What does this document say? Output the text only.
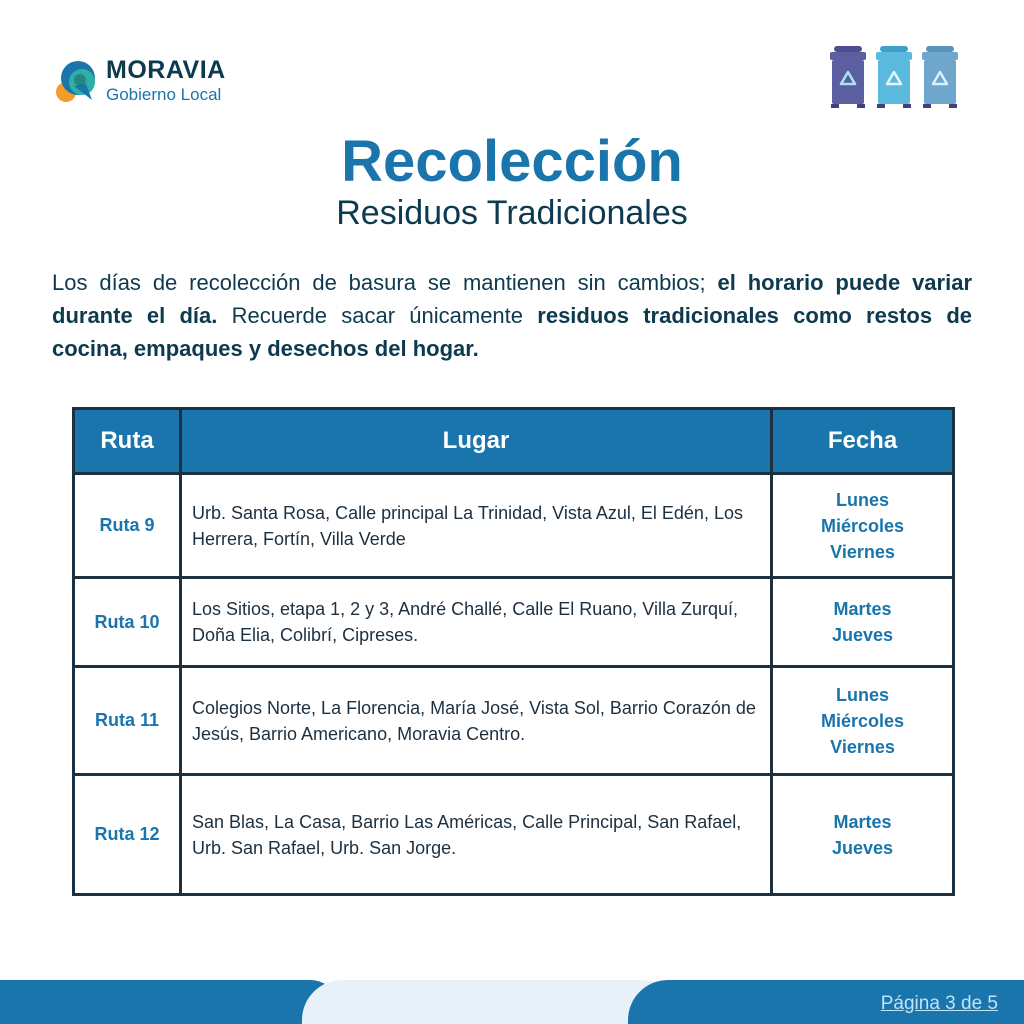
MORAVIA
Gobierno Local
Recolección
Residuos Tradicionales

Los días de recolección de basura se mantienen sin cambios; el horario puede variar durante el día. Recuerde sacar únicamente residuos tradicionales como restos de cocina, empaques y desechos del hogar.

Ruta	Lugar	Fecha
Ruta 9	Urb. Santa Rosa, Calle principal La Trinidad, Vista Azul, El Edén, Los Herrera, Fortín, Villa Verde	Lunes
Miércoles
Viernes

Ruta 10	Los Sitios, etapa 1, 2 y 3, André Challé, Calle El Ruano, Villa Zurquí, Doña Elia, Colibrí, Cipreses.	Martes
Jueves

Ruta 11	Colegios Norte, La Florencia, María José, Vista Sol, Barrio Corazón de Jesús, Barrio Americano, Moravia Centro.	Lunes
Miércoles
Viernes

Ruta 12	San Blas, La Casa, Barrio Las Américas, Calle Principal, San Rafael, Urb. San Rafael, Urb. San Jorge.	Martes
Jueves
Página 3 de 5
